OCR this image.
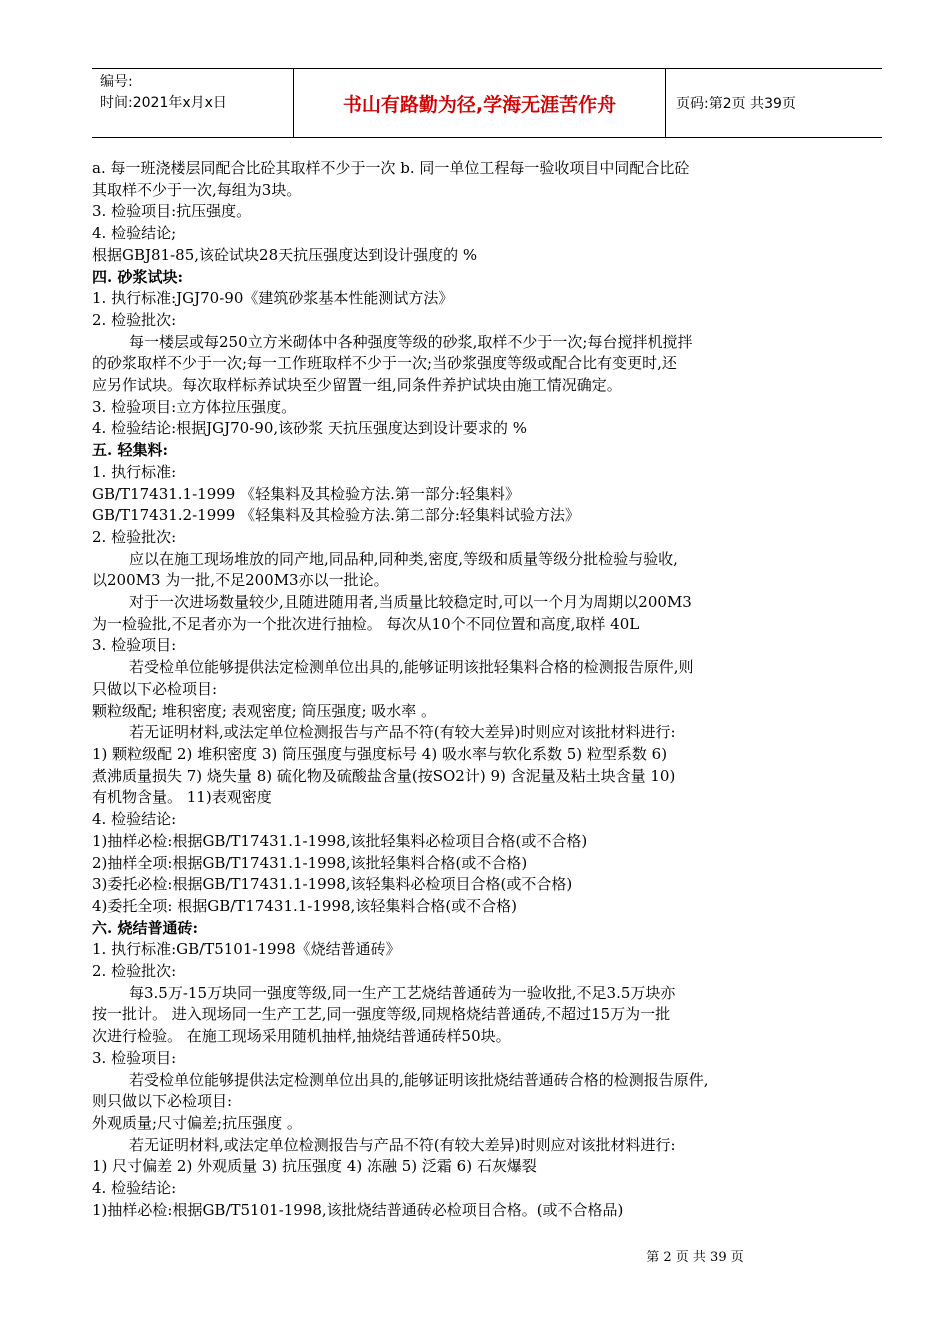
编号:
时间:2021年x月x日	书山有路勤为径,学海无涯苦作舟	页码:第2页 共39页
a. 每一班浇楼层同配合比砼其取样不少于一次 b. 同一单位工程每一验收项目中同配合比砼
其取样不少于一次,每组为3块。
3. 检验项目:抗压强度。
4. 检验结论;
根据GBJ81-85,该砼试块28天抗压强度达到设计强度的 %
四. 砂浆试块:
1. 执行标准:JGJ70-90《建筑砂浆基本性能测试方法》
2. 检验批次:
每一楼层或每250立方米砌体中各种强度等级的砂浆,取样不少于一次;每台搅拌机搅拌
的砂浆取样不少于一次;每一工作班取样不少于一次;当砂浆强度等级或配合比有变更时,还
应另作试块。每次取样标养试块至少留置一组,同条件养护试块由施工情况确定。
3. 检验项目:立方体拉压强度。
4. 检验结论:根据JGJ70-90,该砂浆 天抗压强度达到设计要求的 %
五. 轻集料:
1. 执行标准:
GB/T17431.1-1999 《轻集料及其检验方法.第一部分:轻集料》
GB/T17431.2-1999 《轻集料及其检验方法.第二部分:轻集料试验方法》
2. 检验批次:
应以在施工现场堆放的同产地,同品种,同种类,密度,等级和质量等级分批检验与验收,
以200M3 为一批,不足200M3亦以一批论。
对于一次进场数量较少,且随进随用者,当质量比较稳定时,可以一个月为周期以200M3
为一检验批,不足者亦为一个批次进行抽检。 每次从10个不同位置和高度,取样 40L
3. 检验项目:
若受检单位能够提供法定检测单位出具的,能够证明该批轻集料合格的检测报告原件,则
只做以下必检项目:
颗粒级配; 堆积密度; 表观密度; 筒压强度; 吸水率 。
若无证明材料,或法定单位检测报告与产品不符(有较大差异)时则应对该批材料进行:
1) 颗粒级配 2) 堆积密度 3) 筒压强度与强度标号 4) 吸水率与软化系数 5) 粒型系数 6)
煮沸质量损失 7) 烧失量 8) 硫化物及硫酸盐含量(按SO2计) 9) 含泥量及粘土块含量 10)
有机物含量。 11)表观密度
4. 检验结论:
1)抽样必检:根据GB/T17431.1-1998,该批轻集料必检项目合格(或不合格)
2)抽样全项:根据GB/T17431.1-1998,该批轻集料合格(或不合格)
3)委托必检:根据GB/T17431.1-1998,该轻集料必检项目合格(或不合格)
4)委托全项: 根据GB/T17431.1-1998,该轻集料合格(或不合格)
六. 烧结普通砖:
1. 执行标准:GB/T5101-1998《烧结普通砖》
2. 检验批次:
每3.5万-15万块同一强度等级,同一生产工艺烧结普通砖为一验收批,不足3.5万块亦
按一批计。 进入现场同一生产工艺,同一强度等级,同规格烧结普通砖,不超过15万为一批
次进行检验。 在施工现场采用随机抽样,抽烧结普通砖样50块。
3. 检验项目:
若受检单位能够提供法定检测单位出具的,能够证明该批烧结普通砖合格的检测报告原件,
则只做以下必检项目:
外观质量;尺寸偏差;抗压强度 。
若无证明材料,或法定单位检测报告与产品不符(有较大差异)时则应对该批材料进行:
1) 尺寸偏差 2) 外观质量 3) 抗压强度 4) 冻融 5) 泛霜 6) 石灰爆裂
4. 检验结论:
1)抽样必检:根据GB/T5101-1998,该批烧结普通砖必检项目合格。(或不合格品)
第 2 页 共 39 页
